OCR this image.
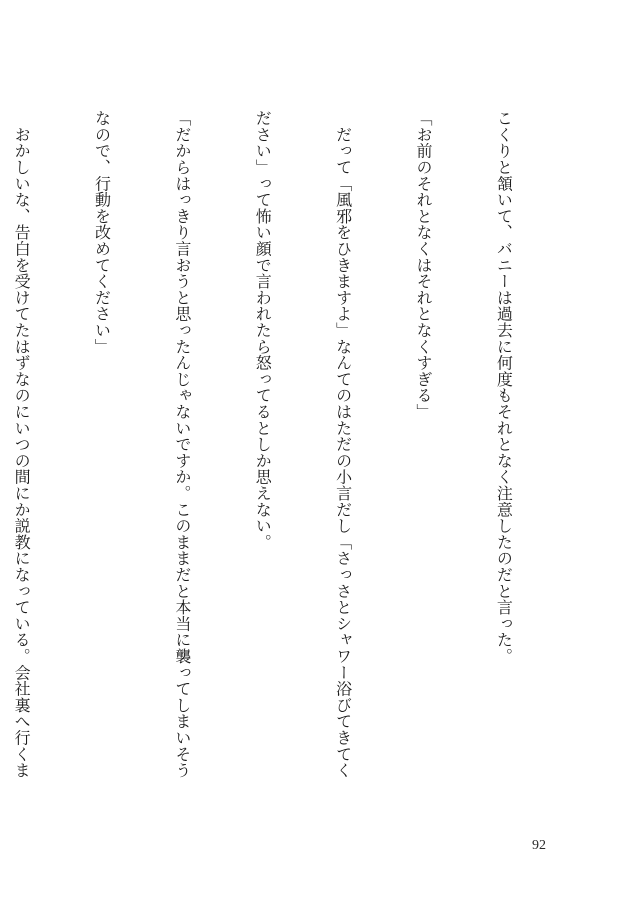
こくりと頷いて、バニーは過去に何度もそれとなく注意したのだと言った。

「お前のそれとなくはそれとなくすぎる」

　だって「風邪をひきますよ」なんてのはただの小言だし「さっさとシャワー浴びてきてく

ださい」って怖い顔で言われたら怒ってるとしか思えない。

「だからはっきり言おうと思ったんじゃないですか。このままだと本当に襲ってしまいそう

なので、行動を改めてください」

　おかしいな、告白を受けてたはずなのにいつの間にか説教になっている。会社裏へ行くま

92
